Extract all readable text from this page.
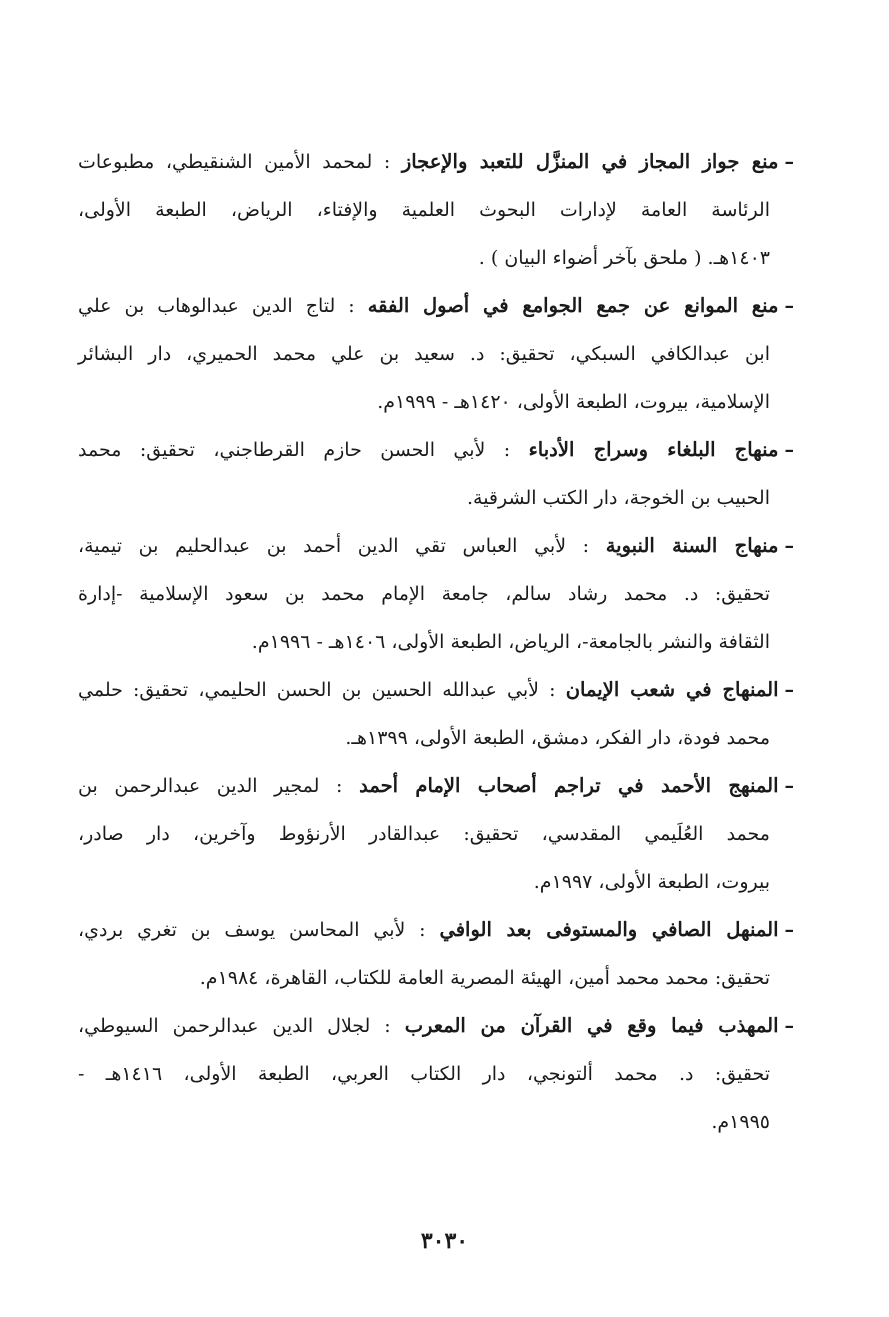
–منع جواز المجاز في المنزَّل للتعبد والإعجاز : لمحمد الأمين الشنقيطي، مطبوعات
الرئاسة العامة لإدارات البحوث العلمية والإفتاء، الرياض، الطبعة الأولى،
١٤٠٣هـ. ( ملحق بآخر أضواء البيان ) .
–منع الموانع عن جمع الجوامع في أصول الفقه : لتاج الدين عبدالوهاب بن علي
ابن عبدالكافي السبكي، تحقيق: د. سعيد بن علي محمد الحميري، دار البشائر
الإسلامية، بيروت، الطبعة الأولى، ١٤٢٠هـ - ١٩٩٩م.
–منهاج البلغاء وسراج الأدباء : لأبي الحسن حازم القرطاجني، تحقيق: محمد
الحبيب بن الخوجة، دار الكتب الشرقية.
–منهاج السنة النبوية : لأبي العباس تقي الدين أحمد بن عبدالحليم بن تيمية،
تحقيق: د. محمد رشاد سالم، جامعة الإمام محمد بن سعود الإسلامية -إدارة
الثقافة والنشر بالجامعة-، الرياض، الطبعة الأولى، ١٤٠٦هـ - ١٩٩٦م.
–المنهاج في شعب الإيمان : لأبي عبدالله الحسين بن الحسن الحليمي، تحقيق: حلمي
محمد فودة، دار الفكر، دمشق، الطبعة الأولى، ١٣٩٩هـ.
–المنهج الأحمد في تراجم أصحاب الإمام أحمد : لمجير الدين عبدالرحمن بن
محمد العُلَيمي المقدسي، تحقيق: عبدالقادر الأرنؤوط وآخرين، دار صادر،
بيروت، الطبعة الأولى، ١٩٩٧م.
–المنهل الصافي والمستوفى بعد الوافي : لأبي المحاسن يوسف بن تغري بردي،
تحقيق: محمد محمد أمين، الهيئة المصرية العامة للكتاب، القاهرة، ١٩٨٤م.
–المهذب فيما وقع في القرآن من المعرب : لجلال الدين عبدالرحمن السيوطي،
تحقيق: د. محمد ألتونجي، دار الكتاب العربي، الطبعة الأولى، ١٤١٦هـ -
١٩٩٥م.
٣٠٣٠
